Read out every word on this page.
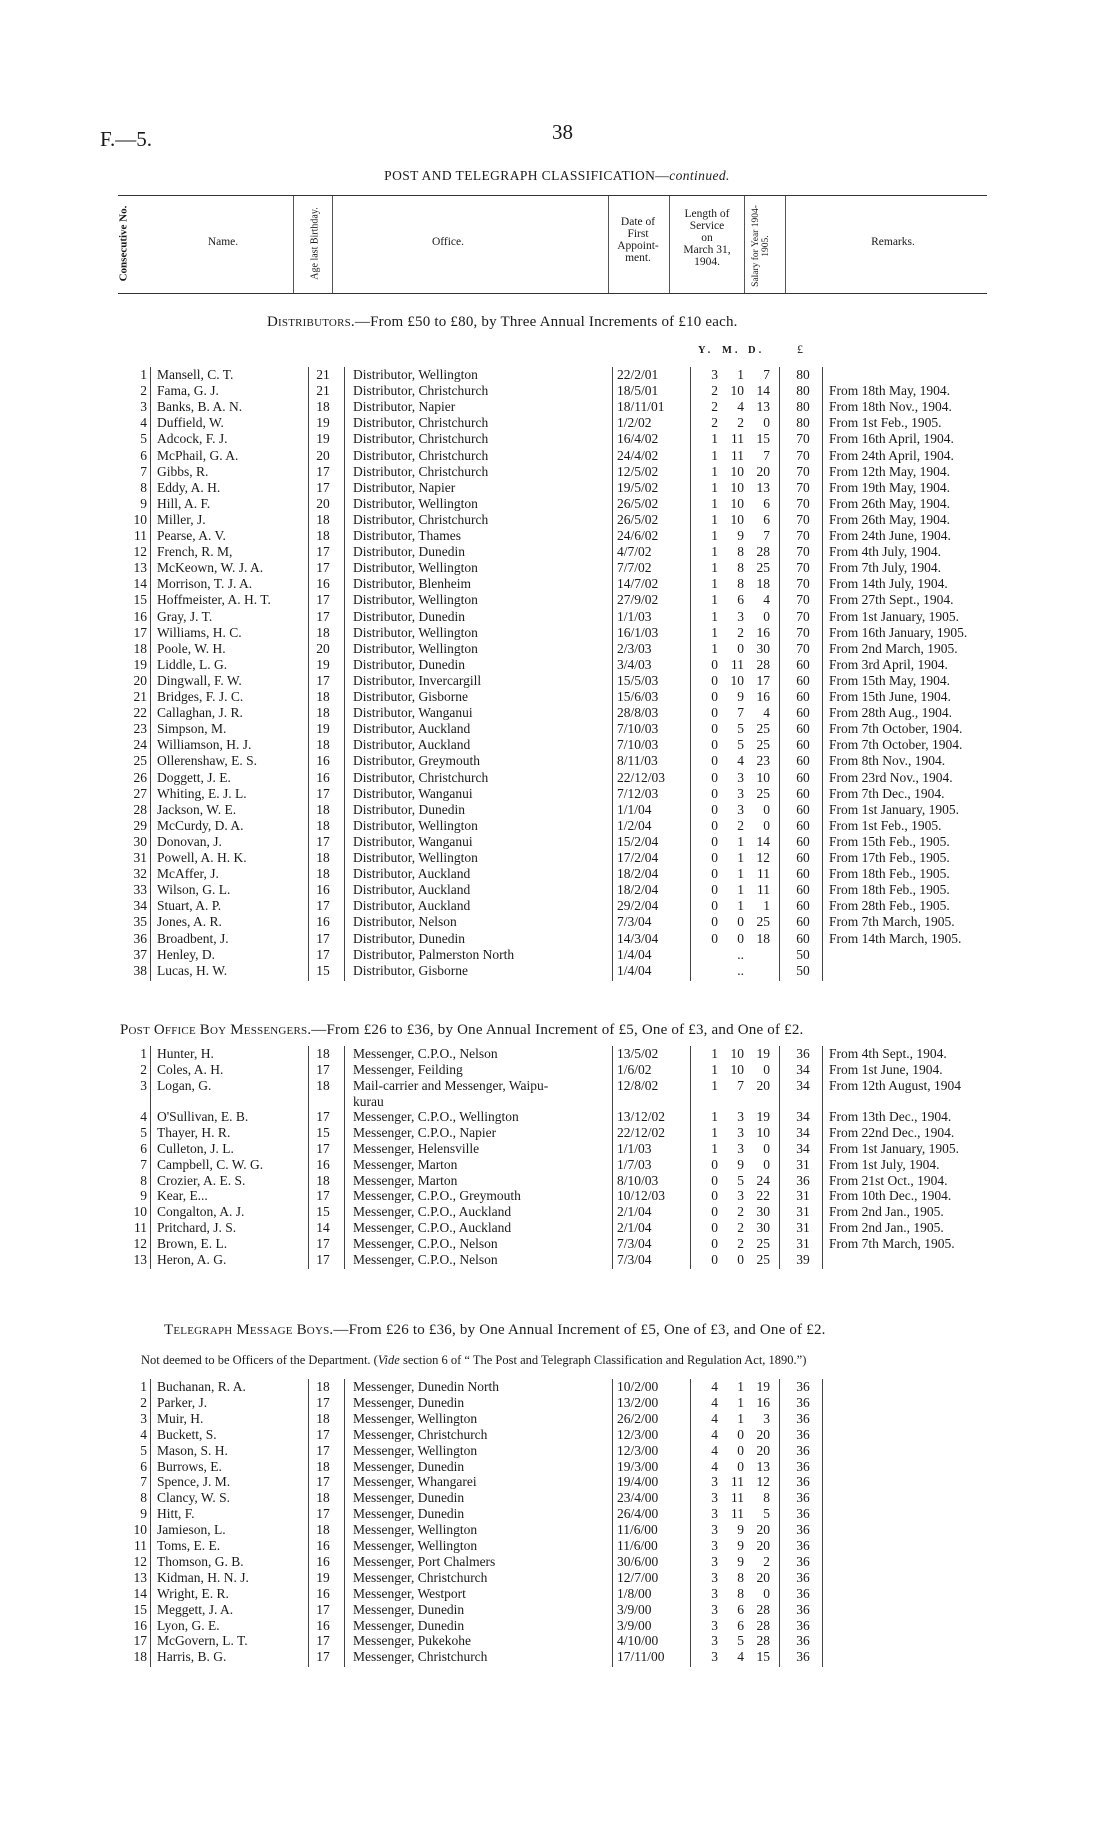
F.—5.	38
POST AND TELEGRAPH CLASSIFICATION—continued.
Consecutive No.	Name.	Age last Birthday.	Office.
Date of
First
Appoint-
ment.
Length of
Service
on
March 31,
1904.	Salary for Year 1904-1905.	Remarks.
Distributors.—From £50 to £80, by Three Annual Increments of £10 each.
Y. M. D.	£
1 Mansell, C. T.	21	Distributor, Wellington	22/2/01	3	1	7	80
2 Fama, G. J.	21	Distributor, Christchurch	18/5/01	2 10 14	80	From 18th May, 1904.
3 Banks, B. A. N.	18	Distributor, Napier	18/11/01	2	4 13	80	From 18th Nov., 1904.
4 Duffield, W.	19	Distributor, Christchurch	1/2/02	2	2	0	80	From 1st Feb., 1905.
5 Adcock, F. J.	19	Distributor, Christchurch	16/4/02	1 11 15	70	From 16th April, 1904.
6 McPhail, G. A.	20	Distributor, Christchurch	24/4/02	1 11	7	70	From 24th April, 1904.
7 Gibbs, R.	17	Distributor, Christchurch	12/5/02	1 10 20	70	From 12th May, 1904.
8 Eddy, A. H.	17	Distributor, Napier	19/5/02	1 10 13	70	From 19th May, 1904.
9 Hill, A. F.	20	Distributor, Wellington	26/5/02	1 10	6	70	From 26th May, 1904.
10 Miller, J.	18	Distributor, Christchurch	26/5/02	1 10	6	70	From 26th May, 1904.
11 Pearse, A. V.	18	Distributor, Thames	24/6/02	1	9	7	70	From 24th June, 1904.
12 French, R. M,	17	Distributor, Dunedin	4/7/02	1	8 28	70	From 4th July, 1904.
13 McKeown, W. J. A.	17	Distributor, Wellington	7/7/02	1	8 25	70	From 7th July, 1904.
14 Morrison, T. J. A.	16	Distributor, Blenheim	14/7/02	1	8 18	70	From 14th July, 1904.
15 Hoffmeister, A. H. T.	17	Distributor, Wellington	27/9/02	1	6	4	70	From 27th Sept., 1904.
16 Gray, J. T.	17	Distributor, Dunedin	1/1/03	1	3	0	70	From 1st January, 1905.
17 Williams, H. C.	18	Distributor, Wellington	16/1/03	1	2 16	70	From 16th January, 1905.
18 Poole, W. H.	20	Distributor, Wellington	2/3/03	1	0 30	70	From 2nd March, 1905.
19 Liddle, L. G.	19	Distributor, Dunedin	3/4/03	0 11 28	60	From 3rd April, 1904.
20 Dingwall, F. W.	17	Distributor, Invercargill	15/5/03	0 10 17	60	From 15th May, 1904.
21 Bridges, F. J. C.	18	Distributor, Gisborne	15/6/03	0	9 16	60	From 15th June, 1904.
22 Callaghan, J. R.	18	Distributor, Wanganui	28/8/03	0	7	4	60	From 28th Aug., 1904.
23 Simpson, M.	19	Distributor, Auckland	7/10/03	0	5 25	60	From 7th October, 1904.
24 Williamson, H. J.	18	Distributor, Auckland	7/10/03	0	5 25	60	From 7th October, 1904.
25 Ollerenshaw, E. S.	16	Distributor, Greymouth	8/11/03	0	4 23	60	From 8th Nov., 1904.
26 Doggett, J. E.	16	Distributor, Christchurch	22/12/03	0	3 10	60	From 23rd Nov., 1904.
27 Whiting, E. J. L.	17	Distributor, Wanganui	7/12/03	0	3 25	60	From 7th Dec., 1904.
28 Jackson, W. E.	18	Distributor, Dunedin	1/1/04	0	3	0	60	From 1st January, 1905.
29 McCurdy, D. A.	18	Distributor, Wellington	1/2/04	0	2	0	60	From 1st Feb., 1905.
30 Donovan, J.	17	Distributor, Wanganui	15/2/04	0	1 14	60	From 15th Feb., 1905.
31 Powell, A. H. K.	18	Distributor, Wellington	17/2/04	0	1 12	60	From 17th Feb., 1905.
32 McAffer, J.	18	Distributor, Auckland	18/2/04	0	1 11	60	From 18th Feb., 1905.
33 Wilson, G. L.	16	Distributor, Auckland	18/2/04	0	1 11	60	From 18th Feb., 1905.
34 Stuart, A. P.	17	Distributor, Auckland	29/2/04	0	1	1	60	From 28th Feb., 1905.
35 Jones, A. R.	16	Distributor, Nelson	7/3/04	0	0 25	60	From 7th March, 1905.
36 Broadbent, J.	17	Distributor, Dunedin	14/3/04	0	0 18	60	From 14th March, 1905.
37 Henley, D.	17	Distributor, Palmerston North	1/4/04	..	50
38 Lucas, H. W.	15	Distributor, Gisborne	1/4/04	..	50
Post Office Boy Messengers.—From £26 to £36, by One Annual Increment of £5, One of £3, and One of £2.
1 Hunter, H.	18	Messenger, C.P.O., Nelson	13/5/02	1 10 19	36	From 4th Sept., 1904.
2 Coles, A. H.	17	Messenger, Feilding	1/6/02	1 10	0	34	From 1st June, 1904.
3 Logan, G.	18	Mail-carrier and Messenger, Waipu-	12/8/02	1	7 20	34	From 12th August, 1904
kurau
4 O'Sullivan, E. B.	17	Messenger, C.P.O., Wellington	13/12/02	1	3 19	34	From 13th Dec., 1904.
5 Thayer, H. R.	15	Messenger, C.P.O., Napier	22/12/02	1	3 10	34	From 22nd Dec., 1904.
6 Culleton, J. L.	17	Messenger, Helensville	1/1/03	1	3	0	34	From 1st January, 1905.
7 Campbell, C. W. G.	16	Messenger, Marton	1/7/03	0	9	0	31	From 1st July, 1904.
8 Crozier, A. E. S.	18	Messenger, Marton	8/10/03	0	5 24	36	From 21st Oct., 1904.
9 Kear, E...	17	Messenger, C.P.O., Greymouth	10/12/03	0	3 22	31	From 10th Dec., 1904.
10 Congalton, A. J.	15	Messenger, C.P.O., Auckland	2/1/04	0	2 30	31	From 2nd Jan., 1905.
11 Pritchard, J. S.	14	Messenger, C.P.O., Auckland	2/1/04	0	2 30	31	From 2nd Jan., 1905.
12 Brown, E. L.	17	Messenger, C.P.O., Nelson	7/3/04	0	2 25	31	From 7th March, 1905.
13 Heron, A. G.	17	Messenger, C.P.O., Nelson	7/3/04	0	0 25	39
Telegraph Message Boys.—From £26 to £36, by One Annual Increment of £5, One of £3, and One of £2.
Not deemed to be Officers of the Department. (Vide section 6 of “ The Post and Telegraph Classification and Regulation Act, 1890.”)
1 Buchanan, R. A.	18	Messenger, Dunedin North	10/2/00	4	1 19	36
2 Parker, J.	17	Messenger, Dunedin	13/2/00	4	1 16	36
3 Muir, H.	18	Messenger, Wellington	26/2/00	4	1	3	36
4 Buckett, S.	17	Messenger, Christchurch	12/3/00	4	0 20	36
5 Mason, S. H.	17	Messenger, Wellington	12/3/00	4	0 20	36
6 Burrows, E.	18	Messenger, Dunedin	19/3/00	4	0 13	36
7 Spence, J. M.	17	Messenger, Whangarei	19/4/00	3 11 12	36
8 Clancy, W. S.	18	Messenger, Dunedin	23/4/00	3 11	8	36
9 Hitt, F.	17	Messenger, Dunedin	26/4/00	3 11	5	36
10 Jamieson, L.	18	Messenger, Wellington	11/6/00	3	9 20	36
11 Toms, E. E.	16	Messenger, Wellington	11/6/00	3	9 20	36
12 Thomson, G. B.	16	Messenger, Port Chalmers	30/6/00	3	9	2	36
13 Kidman, H. N. J.	19	Messenger, Christchurch	12/7/00	3	8 20	36
14 Wright, E. R.	16	Messenger, Westport	1/8/00	3	8	0	36
15 Meggett, J. A.	17	Messenger, Dunedin	3/9/00	3	6 28	36
16 Lyon, G. E.	16	Messenger, Dunedin	3/9/00	3	6 28	36
17 McGovern, L. T.	17	Messenger, Pukekohe	4/10/00	3	5 28	36
18 Harris, B. G.	17	Messenger, Christchurch	17/11/00	3	4 15	36
